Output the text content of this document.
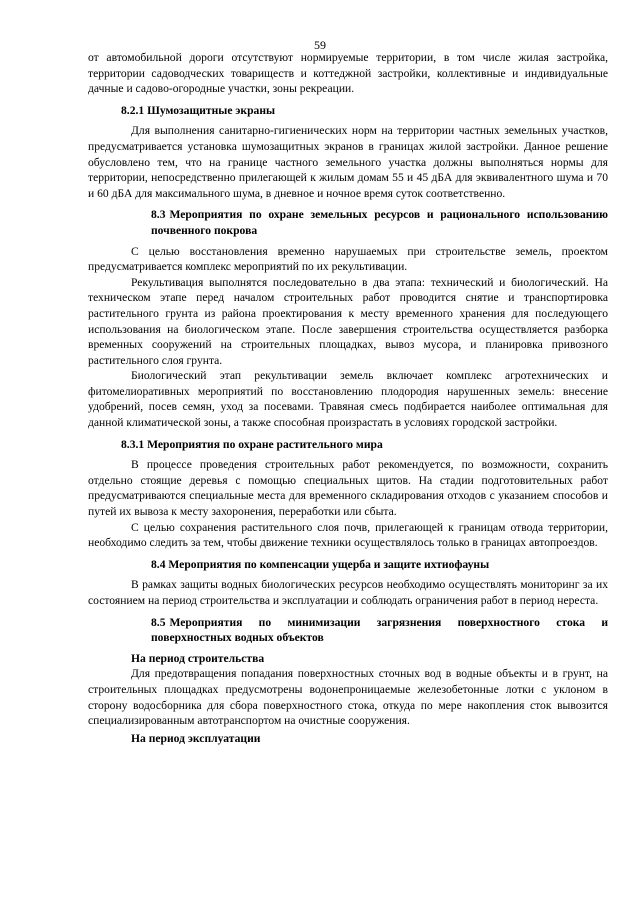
59

от автомобильной дороги отсутствуют нормируемые территории, в том числе жилая застройка, территории садоводческих товариществ и коттеджной застройки, коллективные и индивидуальные дачные и садово-огородные участки, зоны рекреации.

8.2.1 Шумозащитные экраны

Для выполнения санитарно-гигиенических норм на территории частных земельных участков, предусматривается установка шумозащитных экранов в границах жилой застройки. Данное решение обусловлено тем, что на границе частного земельного участка должны выполняться нормы для территории, непосредственно прилегающей к жилым домам 55 и 45 дБА для эквивалентного шума и 70 и 60 дБА для максимального шума, в дневное и ночное время суток соответственно.

8.3 Мероприятия по охране земельных ресурсов и рационального использованию почвенного покрова

С целью восстановления временно нарушаемых при строительстве земель, проектом предусматривается комплекс мероприятий по их рекультивации.

Рекультивация выполнятся последовательно в два этапа: технический и биологический. На техническом этапе перед началом строительных работ проводится снятие и транспортировка растительного грунта из района проектирования к месту временного хранения для последующего использования на биологическом этапе. После завершения строительства осуществляется разборка временных сооружений на строительных площадках, вывоз мусора, и планировка привозного растительного слоя грунта.

Биологический этап рекультивации земель включает комплекс агротехнических и фитомелиоративных мероприятий по восстановлению плодородия нарушенных земель: внесение удобрений, посев семян, уход за посевами. Травяная смесь подбирается наиболее оптимальная для данной климатической зоны, а также способная произрастать в условиях городской застройки.

8.3.1 Мероприятия по охране растительного мира

В процессе проведения строительных работ рекомендуется, по возможности, сохранить отдельно стоящие деревья с помощью специальных щитов. На стадии подготовительных работ предусматриваются специальные места для временного складирования отходов с указанием способов и путей их вывоза к месту захоронения, переработки или сбыта.

С целью сохранения растительного слоя почв, прилегающей к границам отвода территории, необходимо следить за тем, чтобы движение техники осуществлялось только в границах автопроездов.

8.4 Мероприятия по компенсации ущерба и защите ихтиофауны

В рамках защиты водных биологических ресурсов необходимо осуществлять мониторинг за их состоянием на период строительства и эксплуатации и соблюдать ограничения работ в период нереста.

8.5 Мероприятия по минимизации загрязнения поверхностного стока и поверхностных водных объектов

На период строительства

Для предотвращения попадания поверхностных сточных вод в водные объекты и в грунт, на строительных площадках предусмотрены водонепроницаемые железобетонные лотки с уклоном в сторону водосборника для сбора поверхностного стока, откуда по мере накопления сток вывозится специализированным автотранспортом на очистные сооружения.

На период эксплуатации
